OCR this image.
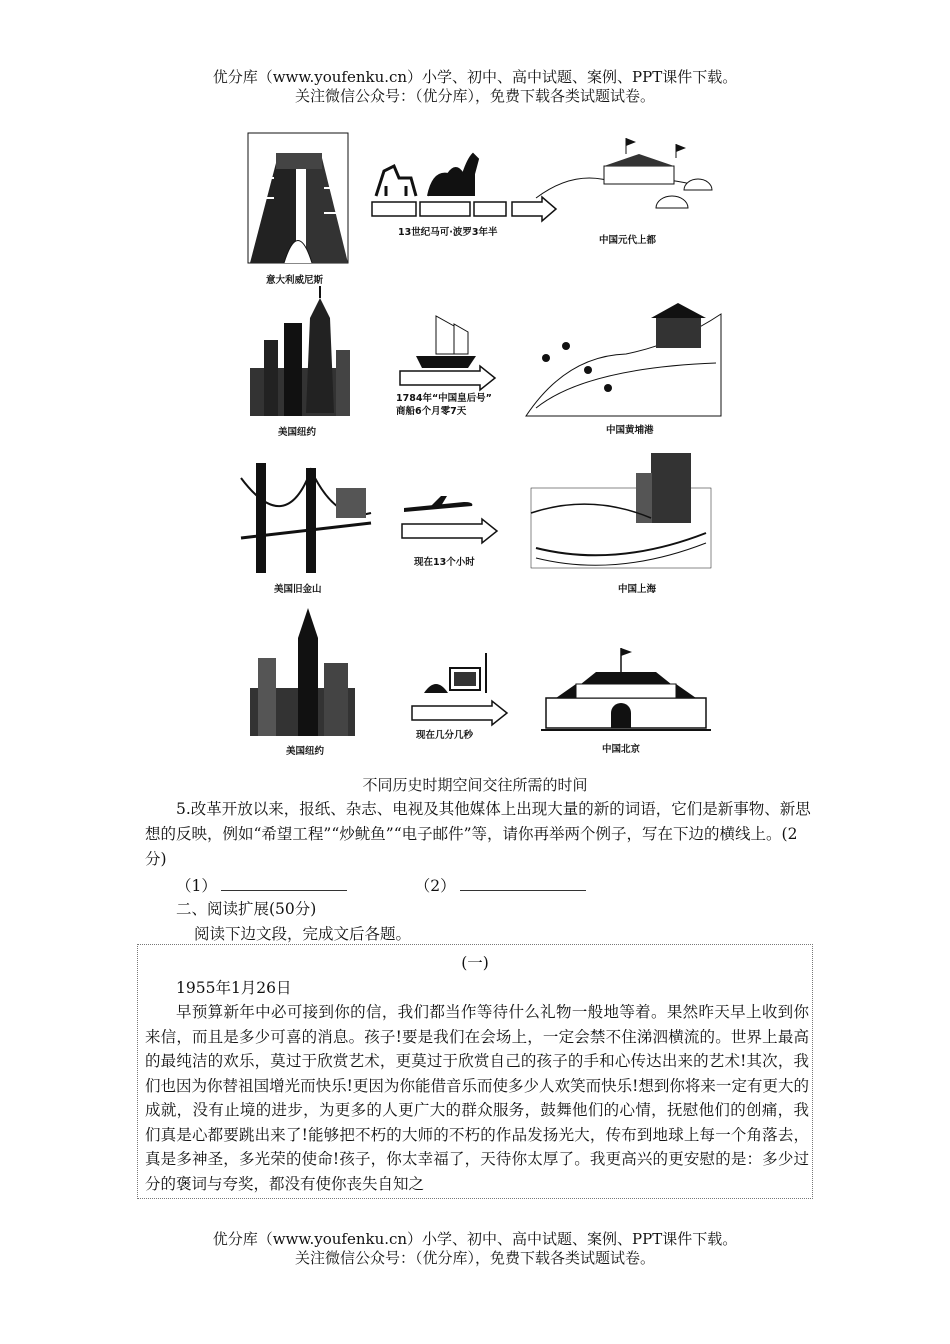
优分库（www.youfenku.cn）小学、初中、高中试题、案例、PPT课件下载。
关注微信公众号：（优分库），免费下载各类试题试卷。
意大利威尼斯
13世纪马可·波罗3年半
中国元代上都
美国纽约
1784年“中国皇后号”
商船6个月零7天
中国黄埔港
美国旧金山
现在13个小时
中国上海
美国纽约
现在几分几秒
中国北京
不同历史时期空间交往所需的时间
5.改革开放以来，报纸、杂志、电视及其他媒体上出现大量的新的词语，它们是新事物、新思想的反映，例如“希望工程”“炒鱿鱼”“电子邮件”等，请你再举两个例子，写在下边的横线上。(2分)
（1）	（2）
二、阅读扩展(50分)
阅读下边文段，完成文后各题。
(一)
1955年1月26日
早预算新年中必可接到你的信，我们都当作等待什么礼物一般地等着。果然昨天早上收到你来信，而且是多少可喜的消息。孩子!要是我们在会场上，一定会禁不住涕泗横流的。世界上最高的最纯洁的欢乐，莫过于欣赏艺术，更莫过于欣赏自己的孩子的手和心传达出来的艺术!其次，我们也因为你替祖国增光而快乐!更因为你能借音乐而使多少人欢笑而快乐!想到你将来一定有更大的成就，没有止境的进步，为更多的人更广大的群众服务，鼓舞他们的心情，抚慰他们的创痛，我们真是心都要跳出来了!能够把不朽的大师的不朽的作品发扬光大，传布到地球上每一个角落去，真是多神圣，多光荣的使命!孩子，你太幸福了，天待你太厚了。我更高兴的更安慰的是：多少过分的褒词与夸奖，都没有使你丧失自知之
优分库（www.youfenku.cn）小学、初中、高中试题、案例、PPT课件下载。
关注微信公众号：（优分库），免费下载各类试题试卷。
